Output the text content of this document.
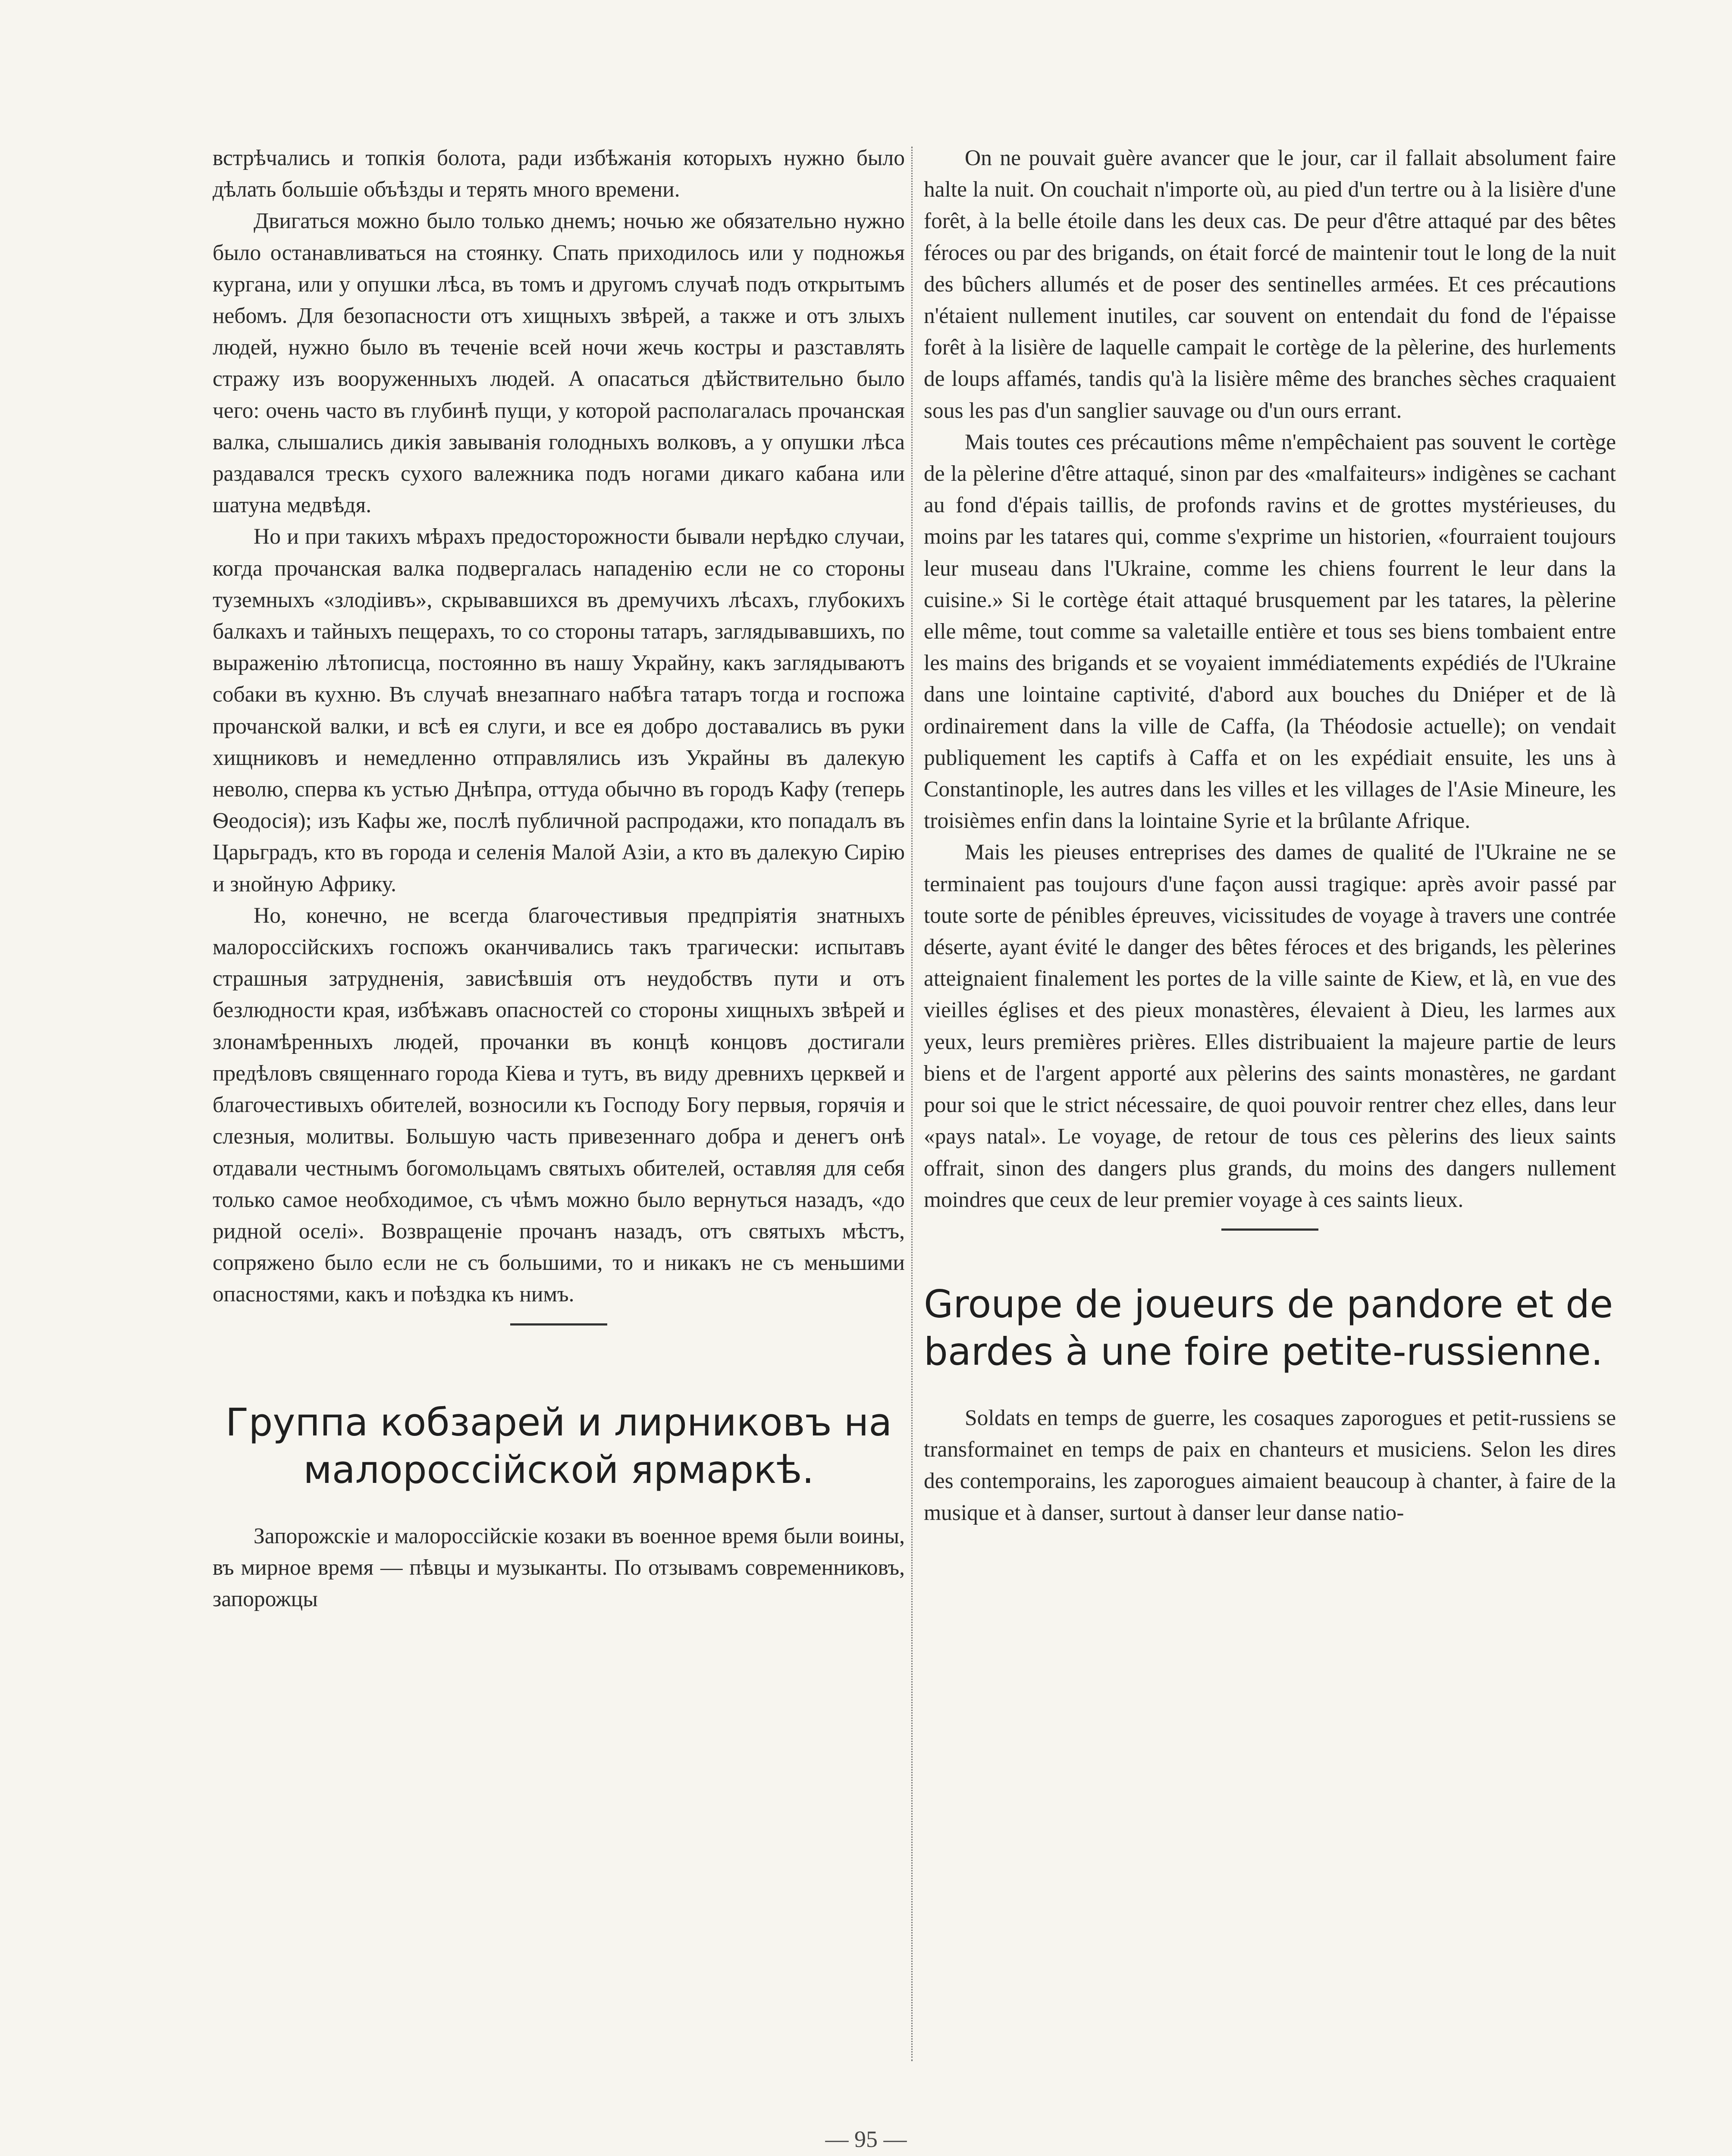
встрѣчались и топкія болота, ради избѣжанія которыхъ нужно было дѣлать большіе объѣзды и терять много времени.

Двигаться можно было только днемъ; ночью же обязательно нужно было останавливаться на стоянку. Спать приходилось или у подножья кургана, или у опушки лѣса, въ томъ и другомъ случаѣ подъ открытымъ небомъ. Для безопасности отъ хищныхъ звѣрей, а также и отъ злыхъ людей, нужно было въ теченіе всей ночи жечь костры и разставлять стражу изъ вооруженныхъ людей. А опасаться дѣйствительно было чего: очень часто въ глубинѣ пущи, у которой располагалась прочанская валка, слышались дикія завыванія голодныхъ волковъ, а у опушки лѣса раздавался трескъ сухого валежника подъ ногами дикаго кабана или шатуна медвѣдя.

Но и при такихъ мѣрахъ предосторожности бывали нерѣдко случаи, когда прочанская валка подвергалась нападенію если не со стороны туземныхъ «злодіивъ», скрывавшихся въ дремучихъ лѣсахъ, глубокихъ балкахъ и тайныхъ пещерахъ, то со стороны татаръ, заглядывавшихъ, по выраженію лѣтописца, постоянно въ нашу Украйну, какъ заглядываютъ собаки въ кухню. Въ случаѣ внезапнаго набѣга татаръ тогда и госпожа прочанской валки, и всѣ ея слуги, и все ея добро доставались въ руки хищниковъ и немедленно отправлялись изъ Украйны въ далекую неволю, сперва къ устью Днѣпра, оттуда обычно въ городъ Кафу (теперь Ѳеодосія); изъ Кафы же, послѣ публичной распродажи, кто попадалъ въ Царьградъ, кто въ города и селенія Малой Азіи, а кто въ далекую Сирію и знойную Африку.

Но, конечно, не всегда благочестивыя предпріятія знатныхъ малороссійскихъ госпожъ оканчивались такъ трагически: испытавъ страшныя затрудненія, зависѣвшія отъ неудобствъ пути и отъ безлюдности края, избѣжавъ опасностей со стороны хищныхъ звѣрей и злонамѣренныхъ людей, прочанки въ концѣ концовъ достигали предѣловъ священнаго города Кіева и тутъ, въ виду древнихъ церквей и благочестивыхъ обителей, возносили къ Господу Богу первыя, горячія и слезныя, молитвы. Большую часть привезеннаго добра и денегъ онѣ отдавали честнымъ богомольцамъ святыхъ обителей, оставляя для себя только самое необходимое, съ чѣмъ можно было вернуться назадъ, «до ридной оселі». Возвращеніе прочанъ назадъ, отъ святыхъ мѣстъ, сопряжено было если не съ большими, то и никакъ не съ меньшими опасностями, какъ и поѣздка къ нимъ.

Группа кобзарей и лирниковъ на малороссійской ярмаркѣ.

Запорожскіе и малороссійскіе козаки въ военное время были воины, въ мирное время — пѣвцы и музыканты. По отзывамъ современниковъ, запорожцы

On ne pouvait guère avancer que le jour, car il fallait absolument faire halte la nuit. On couchait n'importe où, au pied d'un tertre ou à la lisière d'une forêt, à la belle étoile dans les deux cas. De peur d'être attaqué par des bêtes féroces ou par des brigands, on était forcé de maintenir tout le long de la nuit des bûchers allumés et de poser des sentinelles armées. Et ces précautions n'étaient nullement inutiles, car souvent on entendait du fond de l'épaisse forêt à la lisière de laquelle campait le cortège de la pèlerine, des hurlements de loups affamés, tandis qu'à la lisière même des branches sèches craquaient sous les pas d'un sanglier sauvage ou d'un ours errant.

Mais toutes ces précautions même n'empêchaient pas souvent le cortège de la pèlerine d'être attaqué, sinon par des «malfaiteurs» indigènes se cachant au fond d'épais taillis, de profonds ravins et de grottes mystérieuses, du moins par les tatares qui, comme s'exprime un historien, «fourraient toujours leur museau dans l'Ukraine, comme les chiens fourrent le leur dans la cuisine.» Si le cortège était attaqué brusquement par les tatares, la pèlerine elle même, tout comme sa valetaille entière et tous ses biens tombaient entre les mains des brigands et se voyaient immédiatements expédiés de l'Ukraine dans une lointaine captivité, d'abord aux bouches du Dniéper et de là ordinairement dans la ville de Caffa, (la Théodosie actuelle); on vendait publiquement les captifs à Caffa et on les expédiait ensuite, les uns à Constantinople, les autres dans les villes et les villages de l'Asie Mineure, les troisièmes enfin dans la lointaine Syrie et la brûlante Afrique.

Mais les pieuses entreprises des dames de qualité de l'Ukraine ne se terminaient pas toujours d'une façon aussi tragique: après avoir passé par toute sorte de pénibles épreuves, vicissitudes de voyage à travers une contrée déserte, ayant évité le danger des bêtes féroces et des brigands, les pèlerines atteignaient finalement les portes de la ville sainte de Kiew, et là, en vue des vieilles églises et des pieux monastères, élevaient à Dieu, les larmes aux yeux, leurs premières prières. Elles distribuaient la majeure partie de leurs biens et de l'argent apporté aux pèlerins des saints monastères, ne gardant pour soi que le strict nécessaire, de quoi pouvoir rentrer chez elles, dans leur «pays natal». Le voyage, de retour de tous ces pèlerins des lieux saints offrait, sinon des dangers plus grands, du moins des dangers nullement moindres que ceux de leur premier voyage à ces saints lieux.

Groupe de joueurs de pandore et de bardes à une foire petite-russienne.

Soldats en temps de guerre, les cosaques zaporogues et petit-russiens se transformainet en temps de paix en chanteurs et musiciens. Selon les dires des contemporains, les zaporogues aimaient beaucoup à chanter, à faire de la musique et à danser, surtout à danser leur danse natio-

— 95 —
